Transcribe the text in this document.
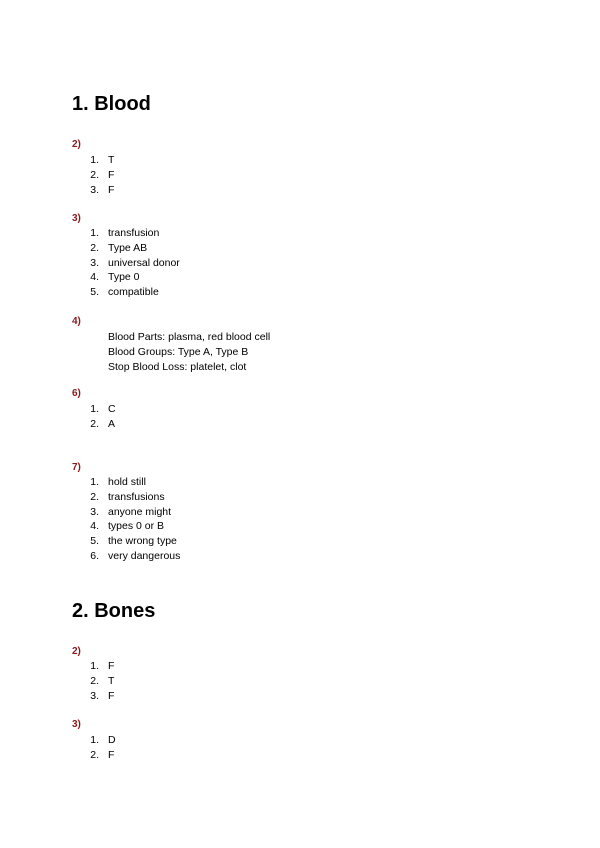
1. Blood
2)
1. T
2. F
3. F
3)
1. transfusion
2. Type AB
3. universal donor
4. Type 0
5. compatible
4)
Blood Parts: plasma, red blood cell
Blood Groups: Type A, Type B
Stop Blood Loss: platelet, clot
6)
1. C
2. A
7)
1. hold still
2. transfusions
3. anyone might
4. types 0 or B
5. the wrong type
6. very dangerous
2. Bones
2)
1. F
2. T
3. F
3)
1. D
2. F
